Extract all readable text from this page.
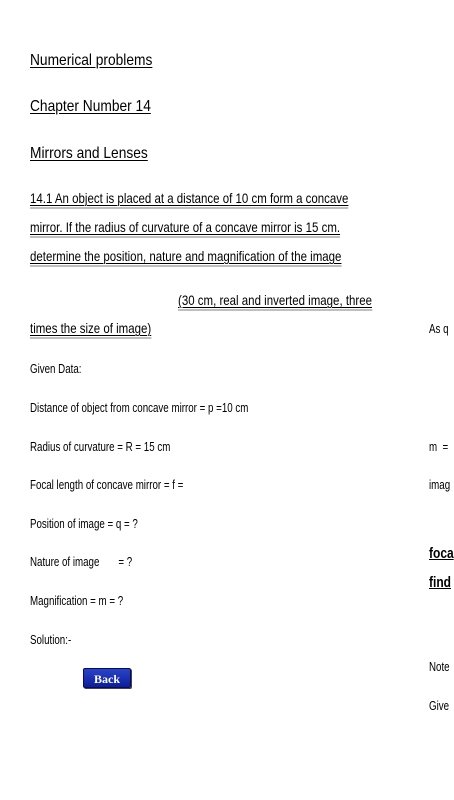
Numerical problems
Chapter Number 14
Mirrors and Lenses
14.1 An object is placed at a distance of 10 cm form a concave
mirror. If the radius of curvature of a concave mirror is 15 cm.
determine the position, nature and magnification of the image
(30 cm, real and inverted image, three
times the size of image)
Given Data:
Distance of object from concave mirror = p =10 cm
Radius of curvature = R = 15 cm
Focal length of concave mirror = f =
Position of image = q = ?
Nature of image       = ?
Magnification = m = ?
Solution:-
As q
m  =
imag
foca
find
Note
Give
Back
